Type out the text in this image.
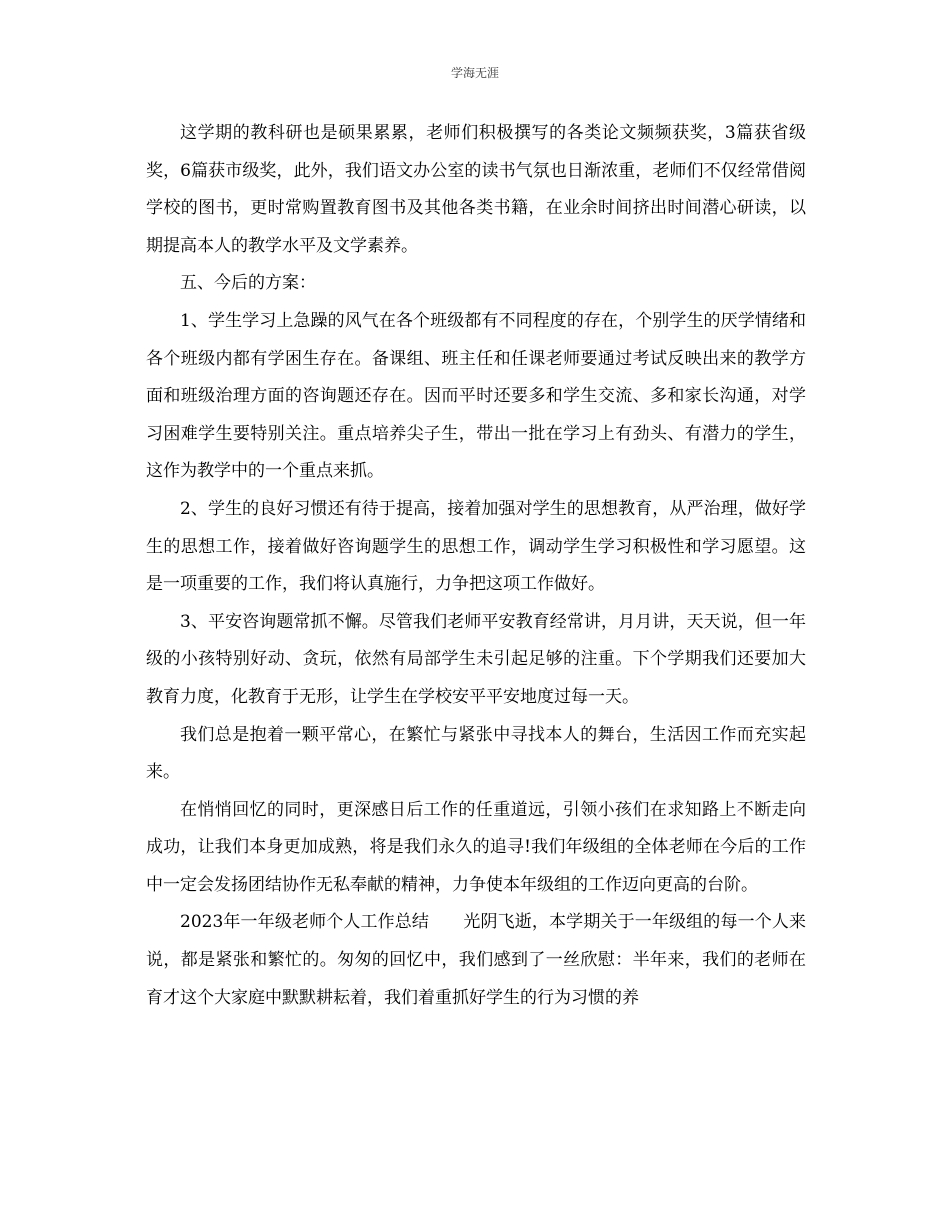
学海无涯

这学期的教科研也是硕果累累，老师们积极撰写的各类论文频频获奖，3篇获省级奖，6篇获市级奖，此外，我们语文办公室的读书气氛也日渐浓重，老师们不仅经常借阅学校的图书，更时常购置教育图书及其他各类书籍，在业余时间挤出时间潜心研读，以期提高本人的教学水平及文学素养。

五、今后的方案：

1、学生学习上急躁的风气在各个班级都有不同程度的存在，个别学生的厌学情绪和各个班级内都有学困生存在。备课组、班主任和任课老师要通过考试反映出来的教学方面和班级治理方面的咨询题还存在。因而平时还要多和学生交流、多和家长沟通，对学习困难学生要特别关注。重点培养尖子生，带出一批在学习上有劲头、有潜力的学生，这作为教学中的一个重点来抓。

2、学生的良好习惯还有待于提高，接着加强对学生的思想教育，从严治理，做好学生的思想工作，接着做好咨询题学生的思想工作，调动学生学习积极性和学习愿望。这是一项重要的工作，我们将认真施行，力争把这项工作做好。

3、平安咨询题常抓不懈。尽管我们老师平安教育经常讲，月月讲，天天说，但一年级的小孩特别好动、贪玩，依然有局部学生未引起足够的注重。下个学期我们还要加大教育力度，化教育于无形，让学生在学校安平平安地度过每一天。

我们总是抱着一颗平常心，在繁忙与紧张中寻找本人的舞台，生活因工作而充实起来。

在悄悄回忆的同时，更深感日后工作的任重道远，引领小孩们在求知路上不断走向成功，让我们本身更加成熟，将是我们永久的追寻!我们年级组的全体老师在今后的工作中一定会发扬团结协作无私奉献的精神，力争使本年级组的工作迈向更高的台阶。

2023年一年级老师个人工作总结　　光阴飞逝，本学期关于一年级组的每一个人来说，都是紧张和繁忙的。匆匆的回忆中，我们感到了一丝欣慰：半年来，我们的老师在育才这个大家庭中默默耕耘着，我们着重抓好学生的行为习惯的养
